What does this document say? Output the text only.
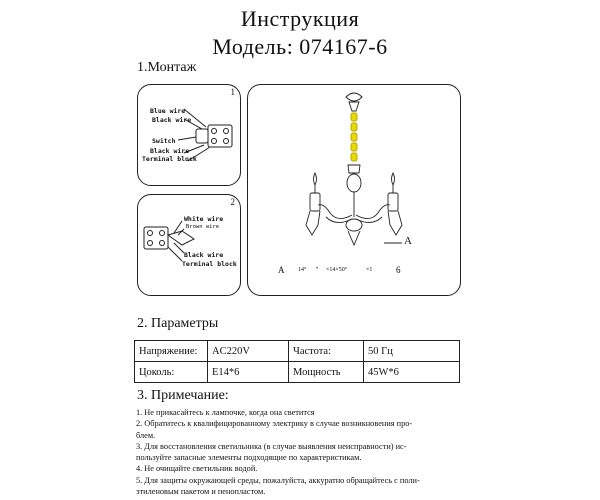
Инструкция
Модель: 074167-6
1.Монтаж
1
Blue wire
Black wire
Switch
Black wire
Terminal block
2
White wire
Brown wire
Black wire
Terminal block
A
A 14° • ×14×50°	×1	6
2. Параметры
Напряжение:	AC220V	Частота:	50 Гц
Цоколь:	E14*6	Мощность	45W*6
3. Примечание:
1. Не прикасайтесь к лампочке, когда она светится
2. Обратитесь к квалифицированному электрику в случае возникновения про-
блем.
3. Для восстановления светильника (в случае выявления неисправности) ис-
пользуйте запасные элементы подходящие по характеристикам.
4. Не очищайте светильник водой.
5. Для защиты окружающей среды, пожалуйста, аккуратно обращайтесь с поли-
этиленовым пакетом и пенопластом.
